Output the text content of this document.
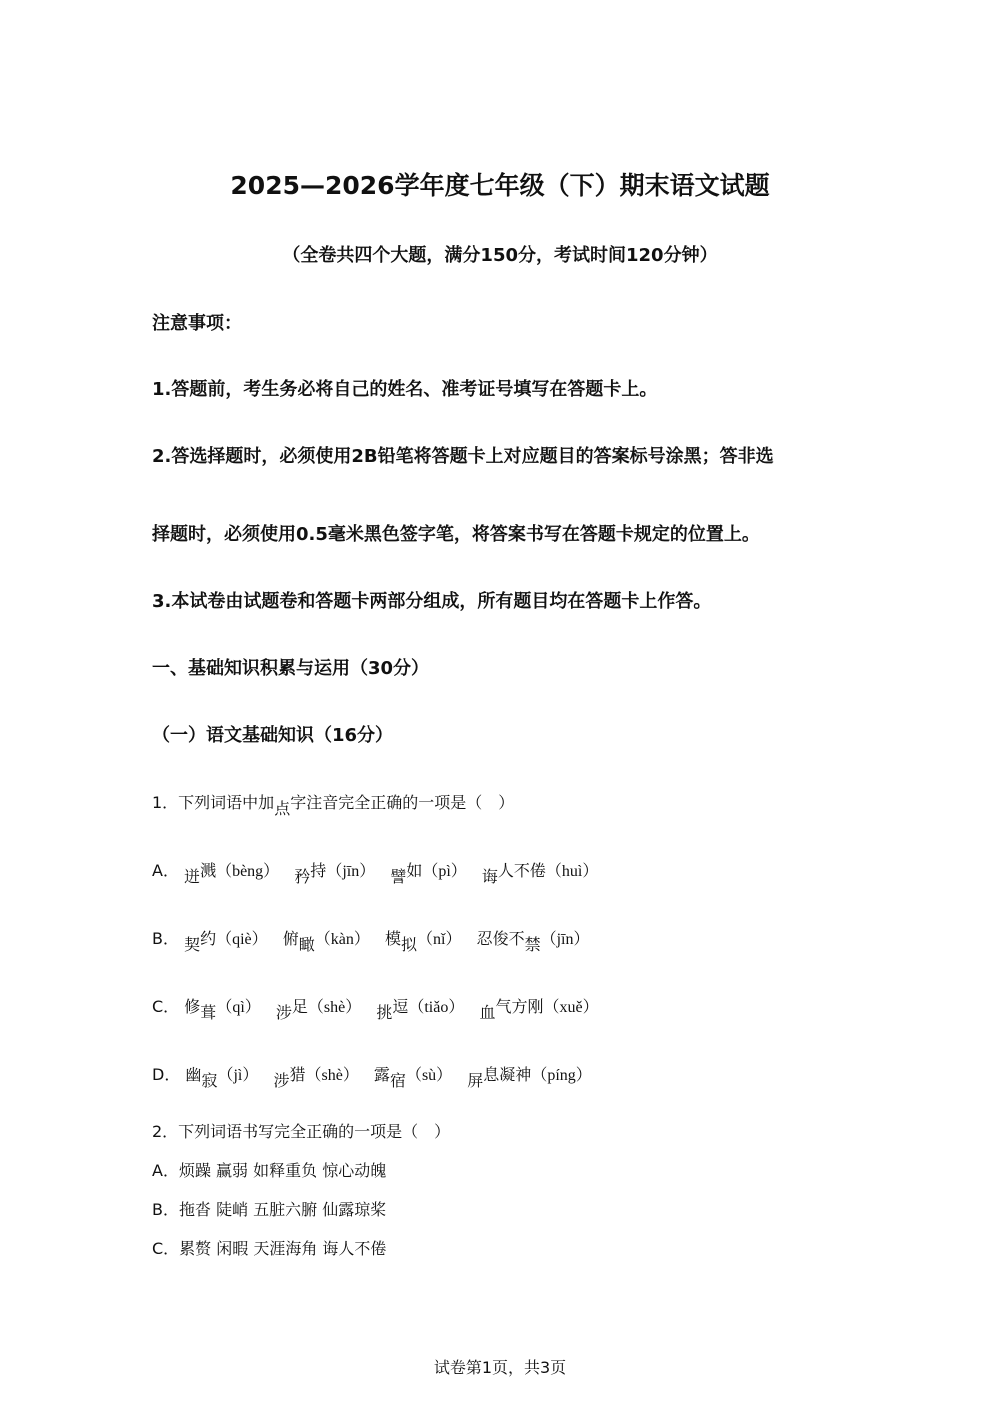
2025—2026学年度七年级（下）期末语文试题
（全卷共四个大题，满分150分，考试时间120分钟）
注意事项：
1.答题前，考生务必将自己的姓名、准考证号填写在答题卡上。
2.答选择题时，必须使用2B铅笔将答题卡上对应题目的答案标号涂黑；答非选
择题时，必须使用0.5毫米黑色签字笔，将答案书写在答题卡规定的位置上。
3.本试卷由试题卷和答题卡两部分组成，所有题目均在答题卡上作答。
一、基础知识积累与运用（30分）
（一）语文基础知识（16分）
1．下列词语中加点字注音完全正确的一项是（　）
A． 迸溅（bèng） 矜持（jīn） 譬如（pì） 诲人不倦（huì）
B． 契约（qiè） 俯瞰（kàn） 模拟（nǐ） 忍俊不禁（jīn）
C． 修葺（qì） 涉足（shè） 挑逗（tiǎo） 血气方刚（xuě）
D． 幽寂（jì） 涉猎（shè） 露宿（sù） 屏息凝神（píng）
2．下列词语书写完全正确的一项是（　）
A．烦躁 赢弱 如释重负 惊心动魄
B．拖沓 陡峭 五脏六腑 仙露琼桨
C．累赘 闲暇 天涯海角 诲人不倦
试卷第1页，共3页
